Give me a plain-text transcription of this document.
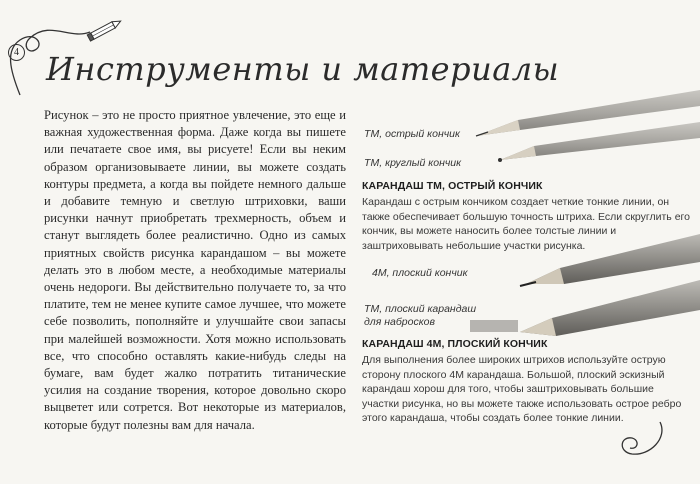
4 Инструменты и материалы

Рисунок – это не просто приятное увлечение, это еще и важная художественная форма. Даже когда вы пишете или печатаете свое имя, вы рисуете! Если вы неким образом организовываете линии, вы можете создать контуры предмета, а когда вы пойдете немного дальше и добавите темную и светлую штриховки, ваши рисунки начнут приобретать трехмерность, объем и станут выглядеть более реалистично. Одно из самых приятных свойств рисунка карандашом – вы можете делать это в любом месте, а необходимые материалы очень недороги. Вы действительно получаете то, за что платите, тем не менее купите самое лучшее, что можете себе позволить, пополняйте и улучшайте свои запасы при малейшей возможности. Хотя можно использовать все, что способно оставлять какие-нибудь следы на бумаге, вам будет жалко потратить титанические усилия на создание творения, которое довольно скоро выцветет или сотрется. Вот некоторые из материалов, которые будут полезны вам для начала.

ТМ, острый кончик
ТМ, круглый кончик
КАРАНДАШ ТМ, ОСТРЫЙ КОНЧИК
Карандаш с острым кончиком создает четкие тонкие линии, он также обеспечивает большую точность штриха. Если скруглить его кончик, вы можете наносить более толстые линии и заштриховывать небольшие участки рисунка.
4М, плоский кончик
ТМ, плоский карандаш
для набросков
КАРАНДАШ 4М, ПЛОСКИЙ КОНЧИК
Для выполнения более широких штрихов используйте острую сторону плоского 4М карандаша. Большой, плоский эскизный карандаш хорош для того, чтобы заштриховывать большие участки рисунка, но вы можете также использовать острое ребро этого карандаша, чтобы создать более тонкие линии.
